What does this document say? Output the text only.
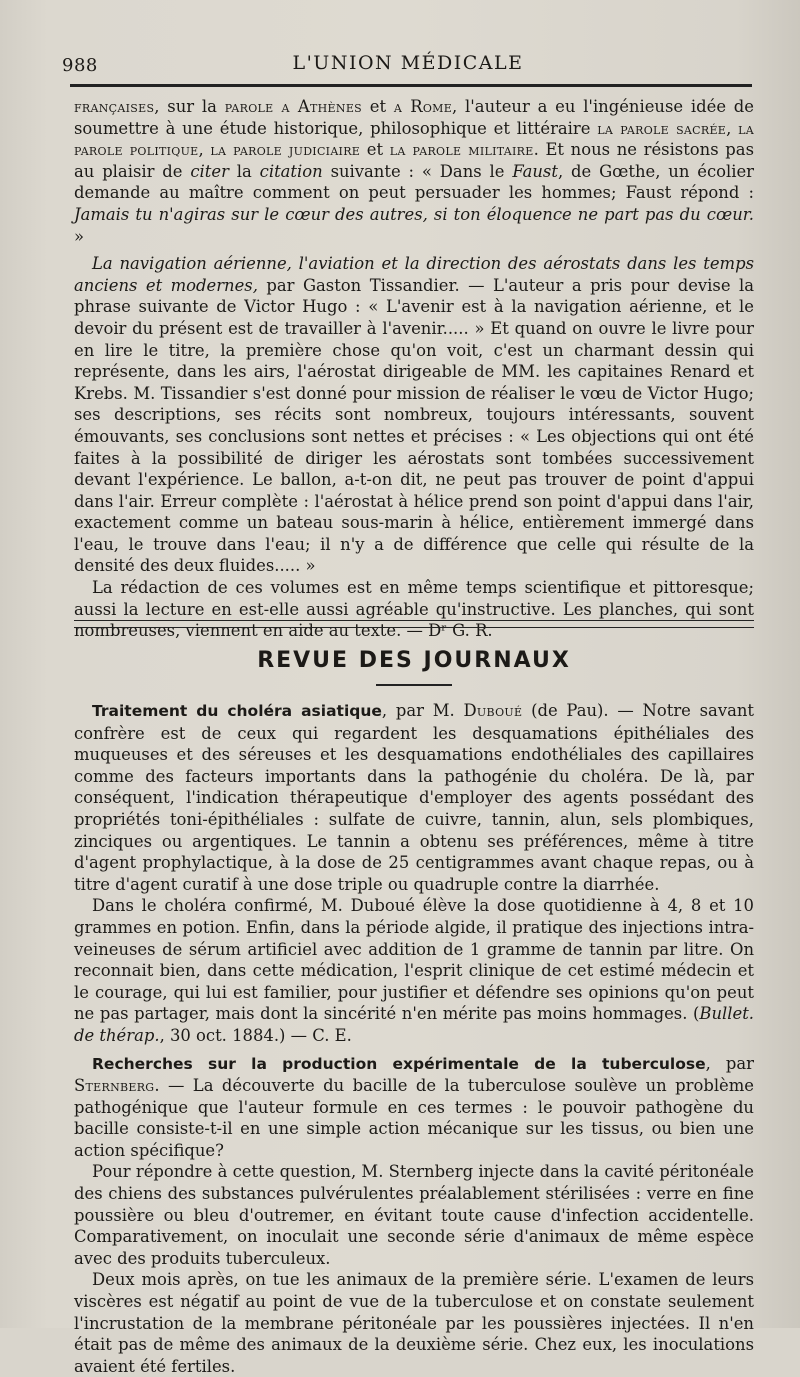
988	L'UNION MÉDICALE

françaises, sur la parole a Athènes et a Rome, l'auteur a eu l'ingénieuse idée de soumettre à une étude historique, philosophique et littéraire la parole sacrée, la parole politique, la parole judiciaire et la parole militaire. Et nous ne résistons pas au plaisir de citer la citation suivante : « Dans le Faust, de Gœthe, un écolier demande au maître comment on peut persuader les hommes; Faust répond : Jamais tu n'agiras sur le cœur des autres, si ton éloquence ne part pas du cœur. »

La navigation aérienne, l'aviation et la direction des aérostats dans les temps anciens et modernes, par Gaston Tissandier. — L'auteur a pris pour devise la phrase suivante de Victor Hugo : « L'avenir est à la navigation aérienne, et le devoir du présent est de travailler à l'avenir..... » Et quand on ouvre le livre pour en lire le titre, la première chose qu'on voit, c'est un charmant dessin qui représente, dans les airs, l'aérostat dirigeable de MM. les capitaines Renard et Krebs. M. Tissandier s'est donné pour mission de réaliser le vœu de Victor Hugo; ses descriptions, ses récits sont nombreux, toujours intéressants, souvent émouvants, ses conclusions sont nettes et précises : « Les objections qui ont été faites à la possibilité de diriger les aérostats sont tombées successivement devant l'expérience. Le ballon, a-t-on dit, ne peut pas trouver de point d'appui dans l'air. Erreur complète : l'aérostat à hélice prend son point d'appui dans l'air, exactement comme un bateau sous-marin à hélice, entièrement immergé dans l'eau, le trouve dans l'eau; il n'y a de différence que celle qui résulte de la densité des deux fluides..... »

La rédaction de ces volumes est en même temps scientifique et pittoresque; aussi la lecture en est-elle aussi agréable qu'instructive. Les planches, qui sont nombreuses, viennent en aide au texte. — Dʳ G. R.

REVUE DES JOURNAUX

Traitement du choléra asiatique, par M. Duboué (de Pau). — Notre savant confrère est de ceux qui regardent les desquamations épithéliales des muqueuses et des séreuses et les desquamations endothéliales des capillaires comme des facteurs importants dans la pathogénie du choléra. De là, par conséquent, l'indication thérapeutique d'employer des agents possédant des propriétés toni-épithéliales : sulfate de cuivre, tannin, alun, sels plombiques, zinciques ou argentiques. Le tannin a obtenu ses préférences, même à titre d'agent prophylactique, à la dose de 25 centigrammes avant chaque repas, ou à titre d'agent curatif à une dose triple ou quadruple contre la diarrhée.

Dans le choléra confirmé, M. Duboué élève la dose quotidienne à 4, 8 et 10 grammes en potion. Enfin, dans la période algide, il pratique des injections intra-veineuses de sérum artificiel avec addition de 1 gramme de tannin par litre. On reconnait bien, dans cette médication, l'esprit clinique de cet estimé médecin et le courage, qui lui est familier, pour justifier et défendre ses opinions qu'on peut ne pas partager, mais dont la sincérité n'en mérite pas moins hommages. (Bullet. de thérap., 30 oct. 1884.) — C. E.

Recherches sur la production expérimentale de la tuberculose, par Sternberg. — La découverte du bacille de la tuberculose soulève un problème pathogénique que l'auteur formule en ces termes : le pouvoir pathogène du bacille consiste-t-il en une simple action mécanique sur les tissus, ou bien une action spécifique?

Pour répondre à cette question, M. Sternberg injecte dans la cavité péritonéale des chiens des substances pulvérulentes préalablement stérilisées : verre en fine poussière ou bleu d'outremer, en évitant toute cause d'infection accidentelle. Comparativement, on inoculait une seconde série d'animaux de même espèce avec des produits tuberculeux.

Deux mois après, on tue les animaux de la première série. L'examen de leurs viscères est négatif au point de vue de la tuberculose et on constate seulement l'incrustation de la membrane péritonéale par les poussières injectées. Il n'en était pas de même des animaux de la deuxième série. Chez eux, les inoculations avaient été fertiles.
